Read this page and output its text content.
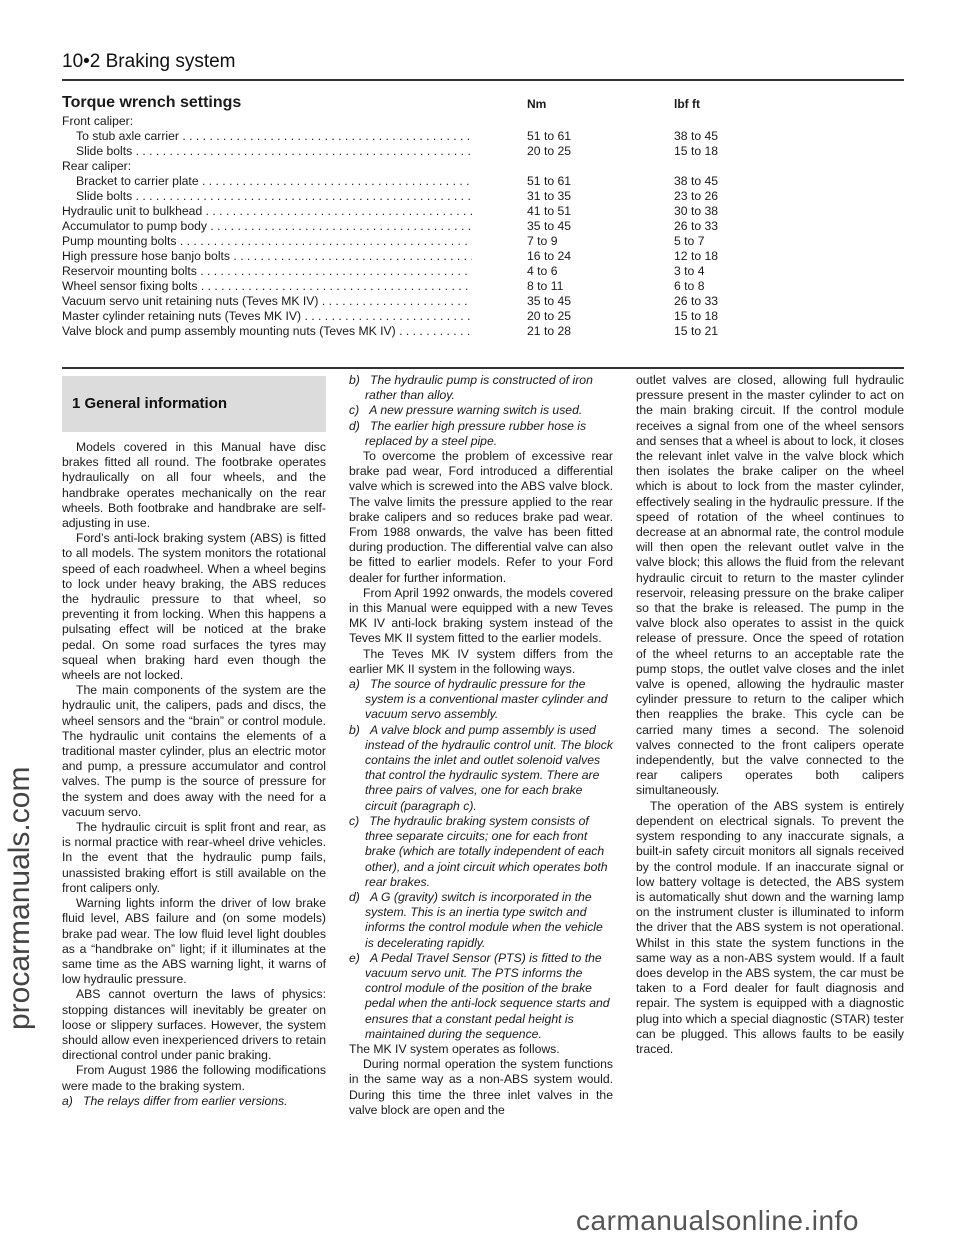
procarmanuals.com
10•2 Braking system
Torque wrench settings	Nm	lbf ft
Front caliper:
To stub axle carrier . . .	51 to 61	38 to 45
Slide bolts . . .	20 to 25	15 to 18
Rear caliper:
Bracket to carrier plate . . .	51 to 61	38 to 45
Slide bolts . . .	31 to 35	23 to 26
Hydraulic unit to bulkhead . . .	41 to 51	30 to 38
Accumulator to pump body . . .	35 to 45	26 to 33
Pump mounting bolts . . .	7 to 9	5 to 7
High pressure hose banjo bolts . . .	16 to 24	12 to 18
Reservoir mounting bolts . . .	4 to 6	3 to 4
Wheel sensor fixing bolts . . .	8 to 11	6 to 8
Vacuum servo unit retaining nuts (Teves MK IV) . . .	35 to 45	26 to 33
Master cylinder retaining nuts (Teves MK IV) . . .	20 to 25	15 to 18
Valve block and pump assembly mounting nuts (Teves MK IV) . . .	21 to 28	15 to 21
1 General information

Models covered in this Manual have disc brakes fitted all round. The footbrake operates hydraulically on all four wheels, and the handbrake operates mechanically on the rear wheels. Both footbrake and handbrake are self-adjusting in use.

Ford’s anti-lock braking system (ABS) is fitted to all models. The system monitors the rotational speed of each roadwheel. When a wheel begins to lock under heavy braking, the ABS reduces the hydraulic pressure to that wheel, so preventing it from locking. When this happens a pulsating effect will be noticed at the brake pedal. On some road surfaces the tyres may squeal when braking hard even though the wheels are not locked.

The main components of the system are the hydraulic unit, the calipers, pads and discs, the wheel sensors and the “brain” or control module. The hydraulic unit contains the elements of a traditional master cylinder, plus an electric motor and pump, a pressure accumulator and control valves. The pump is the source of pressure for the system and does away with the need for a vacuum servo.

The hydraulic circuit is split front and rear, as is normal practice with rear-wheel drive vehicles. In the event that the hydraulic pump fails, unassisted braking effort is still available on the front calipers only.

Warning lights inform the driver of low brake fluid level, ABS failure and (on some models) brake pad wear. The low fluid level light doubles as a “handbrake on” light; if it illuminates at the same time as the ABS warning light, it warns of low hydraulic pressure.

ABS cannot overturn the laws of physics: stopping distances will inevitably be greater on loose or slippery surfaces. However, the system should allow even inexperienced drivers to retain directional control under panic braking.

From August 1986 the following modifications were made to the braking system.

a)   The relays differ from earlier versions.

b)   The hydraulic pump is constructed of iron rather than alloy.

c)   A new pressure warning switch is used.

d)   The earlier high pressure rubber hose is replaced by a steel pipe.

To overcome the problem of excessive rear brake pad wear, Ford introduced a differential valve which is screwed into the ABS valve block. The valve limits the pressure applied to the rear brake calipers and so reduces brake pad wear. From 1988 onwards, the valve has been fitted during production. The differential valve can also be fitted to earlier models. Refer to your Ford dealer for further information.

From April 1992 onwards, the models covered in this Manual were equipped with a new Teves MK IV anti-lock braking system instead of the Teves MK II system fitted to the earlier models.

The Teves MK IV system differs from the earlier MK II system in the following ways.

a)   The source of hydraulic pressure for the system is a conventional master cylinder and vacuum servo assembly.

b)   A valve block and pump assembly is used instead of the hydraulic control unit. The block contains the inlet and outlet solenoid valves that control the hydraulic system. There are three pairs of valves, one for each brake circuit (paragraph c).

c)   The hydraulic braking system consists of three separate circuits; one for each front brake (which are totally independent of each other), and a joint circuit which operates both rear brakes.

d)   A G (gravity) switch is incorporated in the system. This is an inertia type switch and informs the control module when the vehicle is decelerating rapidly.

e)   A Pedal Travel Sensor (PTS) is fitted to the vacuum servo unit. The PTS informs the control module of the position of the brake pedal when the anti-lock sequence starts and ensures that a constant pedal height is maintained during the sequence.

The MK IV system operates as follows.

During normal operation the system functions in the same way as a non-ABS system would. During this time the three inlet valves in the valve block are open and the

outlet valves are closed, allowing full hydraulic pressure present in the master cylinder to act on the main braking circuit. If the control module receives a signal from one of the wheel sensors and senses that a wheel is about to lock, it closes the relevant inlet valve in the valve block which then isolates the brake caliper on the wheel which is about to lock from the master cylinder, effectively sealing in the hydraulic pressure. If the speed of rotation of the wheel continues to decrease at an abnormal rate, the control module will then open the relevant outlet valve in the valve block; this allows the fluid from the relevant hydraulic circuit to return to the master cylinder reservoir, releasing pressure on the brake caliper so that the brake is released. The pump in the valve block also operates to assist in the quick release of pressure. Once the speed of rotation of the wheel returns to an acceptable rate the pump stops, the outlet valve closes and the inlet valve is opened, allowing the hydraulic master cylinder pressure to return to the caliper which then reapplies the brake. This cycle can be carried many times a second. The solenoid valves connected to the front calipers operate independently, but the valve connected to the rear calipers operates both calipers simultaneously.

The operation of the ABS system is entirely dependent on electrical signals. To prevent the system responding to any inaccurate signals, a built-in safety circuit monitors all signals received by the control module. If an inaccurate signal or low battery voltage is detected, the ABS system is automatically shut down and the warning lamp on the instrument cluster is illuminated to inform the driver that the ABS system is not operational. Whilst in this state the system functions in the same way as a non-ABS system would. If a fault does develop in the ABS system, the car must be taken to a Ford dealer for fault diagnosis and repair. The system is equipped with a diagnostic plug into which a special diagnostic (STAR) tester can be plugged. This allows faults to be easily traced.

carmanualsonline.info
